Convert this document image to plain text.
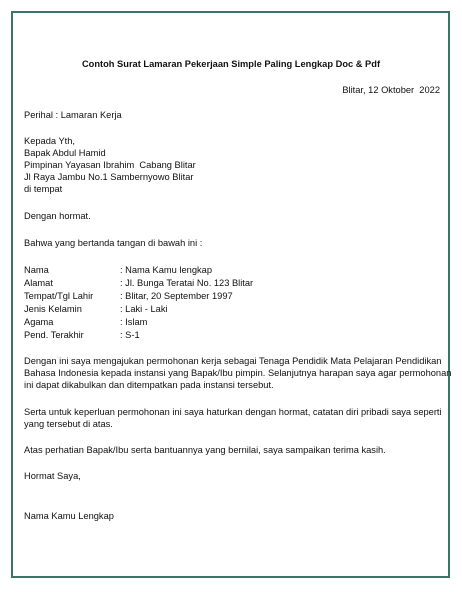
Contoh Surat Lamaran Pekerjaan Simple Paling Lengkap Doc & Pdf
Blitar, 12 Oktober  2022
Perihal : Lamaran Kerja
Kepada Yth,
Bapak Abdul Hamid
Pimpinan Yayasan Ibrahim  Cabang Blitar
Jl Raya Jambu No.1 Sambernyowo Blitar
di tempat
Dengan hormat.
Bahwa yang bertanda tangan di bawah ini :
Nama	: Nama Kamu lengkap
Alamat	: Jl. Bunga Teratai No. 123 Blitar
Tempat/Tgl Lahir	: Blitar, 20 September 1997
Jenis Kelamin	: Laki - Laki
Agama	: Islam
Pend. Terakhir	: S-1
Dengan ini saya mengajukan permohonan kerja sebagai Tenaga Pendidik Mata Pelajaran Pendidikan
Bahasa Indonesia kepada instansi yang Bapak/Ibu pimpin. Selanjutnya harapan saya agar permohonan
ini dapat dikabulkan dan ditempatkan pada instansi tersebut.
Serta untuk keperluan permohonan ini saya haturkan dengan hormat, catatan diri pribadi saya seperti
yang tersebut di atas.
Atas perhatian Bapak/Ibu serta bantuannya yang bernilai, saya sampaikan terima kasih.
Hormat Saya,
Nama Kamu Lengkap
